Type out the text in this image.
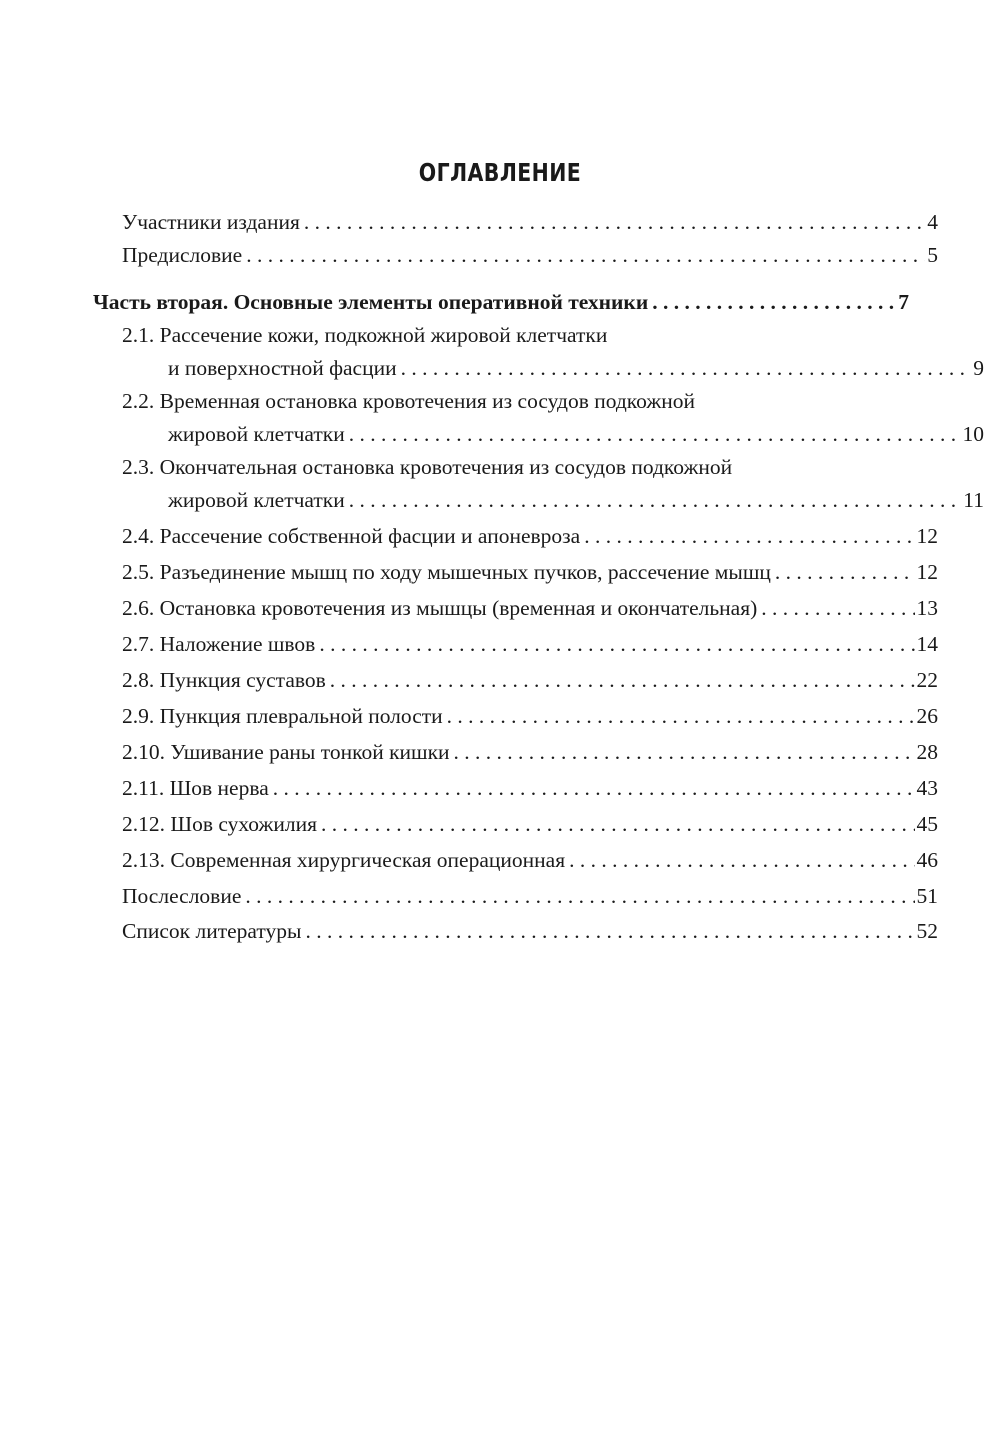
ОГЛАВЛЕНИЕ
Участники издания . . .	4
Предисловие . . .	5
Часть вторая. Основные элементы оперативной техники . . .	7
2.1. Рассечение кожи, подкожной жировой клетчатки
и поверхностной фасции . . .	9
2.2. Временная остановка кровотечения из сосудов подкожной
жировой клетчатки . . .	10
2.3. Окончательная остановка кровотечения из сосудов подкожной
жировой клетчатки . . .	11
2.4. Рассечение собственной фасции и апоневроза . . .	12
2.5. Разъединение мышц по ходу мышечных пучков, рассечение мышц . . .	12
2.6. Остановка кровотечения из мышцы (временная и окончательная) . . .	13
2.7. Наложение швов . . .	14
2.8. Пункция суставов . . .	22
2.9. Пункция плевральной полости . . .	26
2.10. Ушивание раны тонкой кишки . . .	28
2.11. Шов нерва . . .	43
2.12. Шов сухожилия . . .	45
2.13. Современная хирургическая операционная . . .	46
Послесловие . . .	51
Список литературы . . .	52
